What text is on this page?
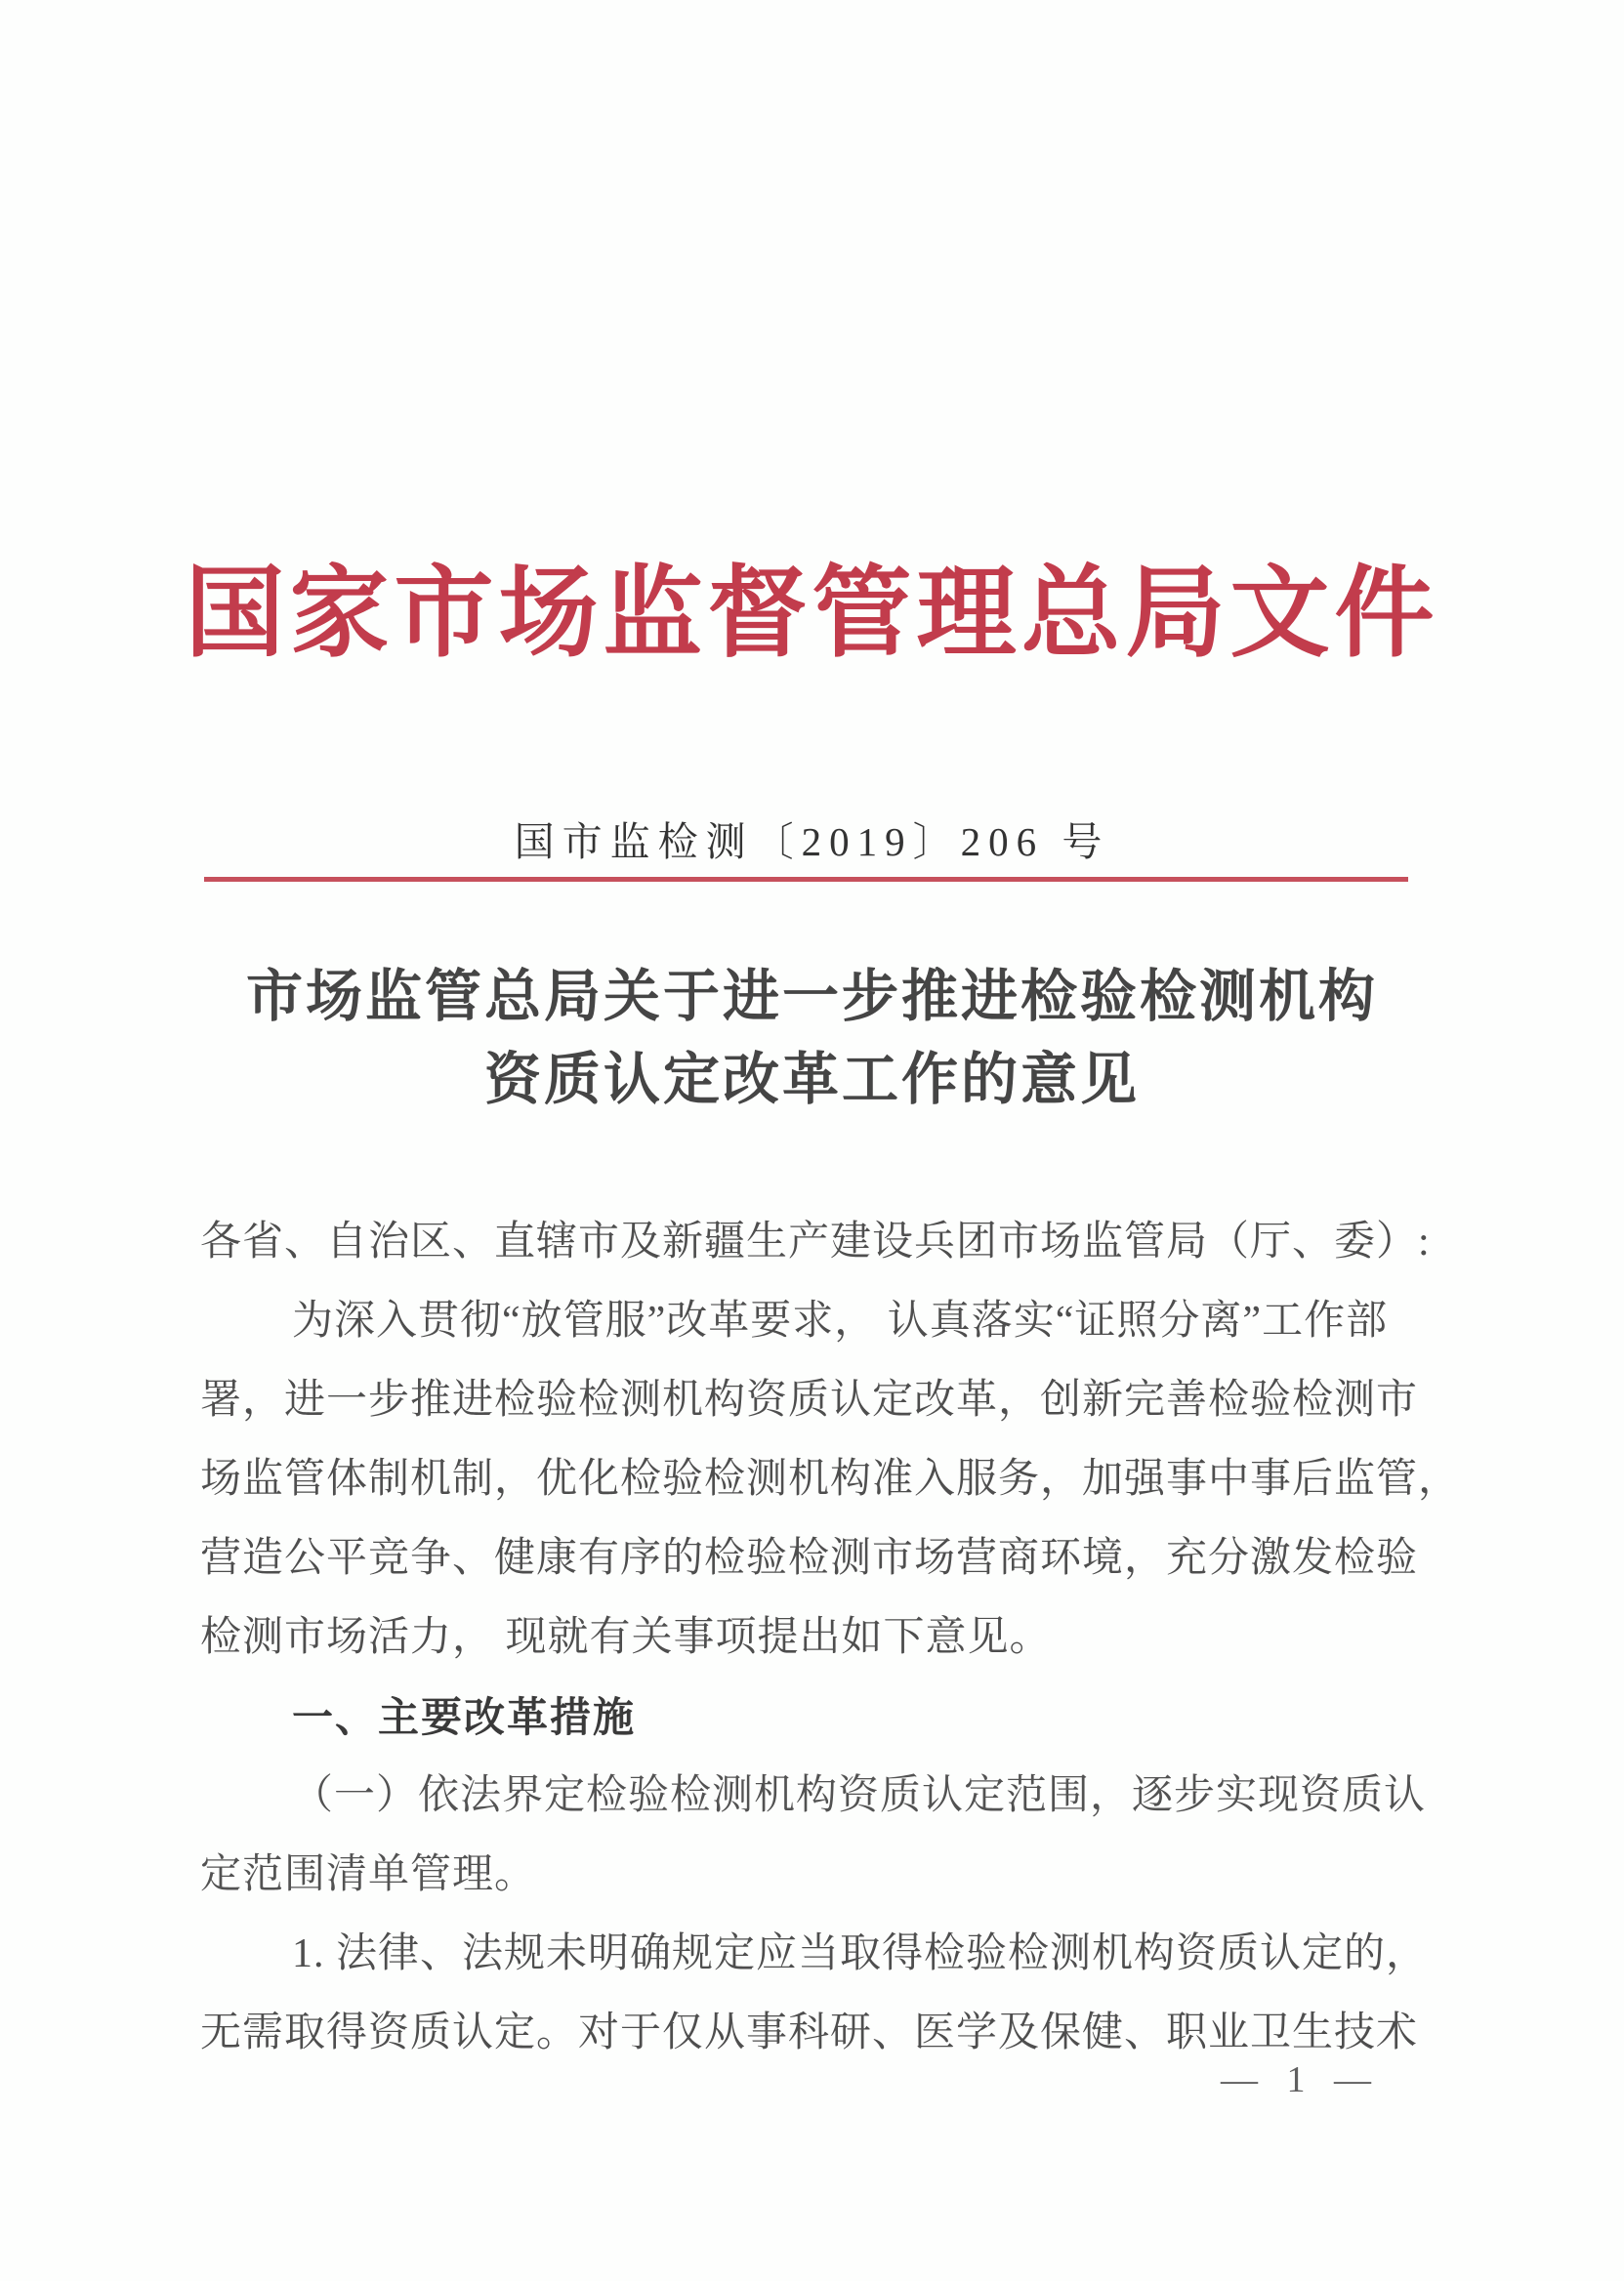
国家市场监督管理总局文件
国市监检测〔2019〕206 号
市场监管总局关于进一步推进检验检测机构
资质认定改革工作的意见
各省、自治区、直辖市及新疆生产建设兵团市场监管局（厅、委）:
为深入贯彻“放管服”改革要求， 认真落实“证照分离”工作部
署，进一步推进检验检测机构资质认定改革，创新完善检验检测市
场监管体制机制，优化检验检测机构准入服务，加强事中事后监管，
营造公平竞争、健康有序的检验检测市场营商环境，充分激发检验
检测市场活力， 现就有关事项提出如下意见。
一、主要改革措施
（一）依法界定检验检测机构资质认定范围，逐步实现资质认
定范围清单管理。
1. 法律、法规未明确规定应当取得检验检测机构资质认定的，
无需取得资质认定。对于仅从事科研、医学及保健、职业卫生技术
— 1 —
